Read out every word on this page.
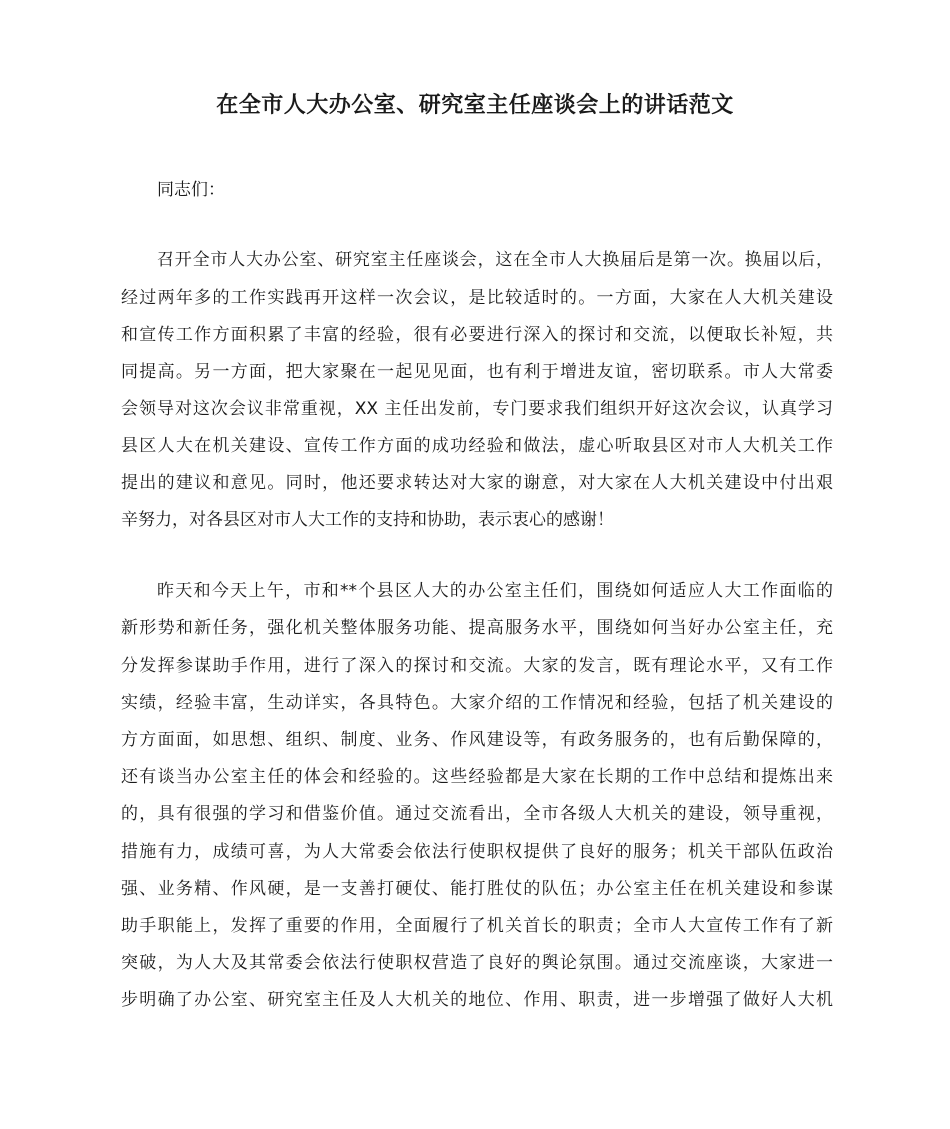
在全市人大办公室、研究室主任座谈会上的讲话范文

同志们：

召开全市人大办公室、研究室主任座谈会，这在全市人大换届后是第一次。换届以后，

经过两年多的工作实践再开这样一次会议，是比较适时的。一方面，大家在人大机关建设

和宣传工作方面积累了丰富的经验，很有必要进行深入的探讨和交流，以便取长补短，共

同提高。另一方面，把大家聚在一起见见面，也有利于增进友谊，密切联系。市人大常委

会领导对这次会议非常重视，XX 主任出发前，专门要求我们组织开好这次会议，认真学习

县区人大在机关建设、宣传工作方面的成功经验和做法，虚心听取县区对市人大机关工作

提出的建议和意见。同时，他还要求转达对大家的谢意，对大家在人大机关建设中付出艰

辛努力，对各县区对市人大工作的支持和协助，表示衷心的感谢！

昨天和今天上午，市和**个县区人大的办公室主任们，围绕如何适应人大工作面临的

新形势和新任务，强化机关整体服务功能、提高服务水平，围绕如何当好办公室主任，充

分发挥参谋助手作用，进行了深入的探讨和交流。大家的发言，既有理论水平，又有工作

实绩，经验丰富，生动详实，各具特色。大家介绍的工作情况和经验，包括了机关建设的

方方面面，如思想、组织、制度、业务、作风建设等，有政务服务的，也有后勤保障的，

还有谈当办公室主任的体会和经验的。这些经验都是大家在长期的工作中总结和提炼出来

的，具有很强的学习和借鉴价值。通过交流看出，全市各级人大机关的建设，领导重视，

措施有力，成绩可喜，为人大常委会依法行使职权提供了良好的服务；机关干部队伍政治

强、业务精、作风硬，是一支善打硬仗、能打胜仗的队伍；办公室主任在机关建设和参谋

助手职能上，发挥了重要的作用，全面履行了机关首长的职责；全市人大宣传工作有了新

突破，为人大及其常委会依法行使职权营造了良好的舆论氛围。通过交流座谈，大家进一

步明确了办公室、研究室主任及人大机关的地位、作用、职责，进一步增强了做好人大机
